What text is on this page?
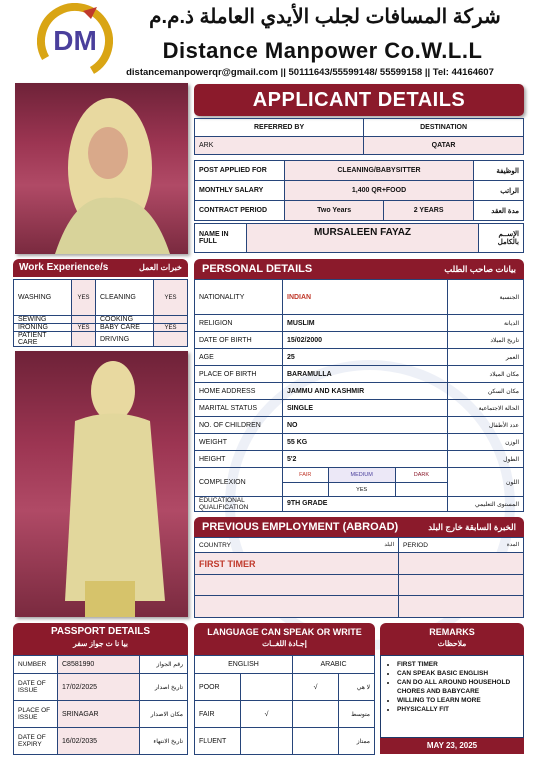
DM
شركة المسافات لجلب الأيدي العاملة ذ.م.م
Distance Manpower Co.W.L.L
distancemanpowerqr@gmail.com || 50111643/55599148/ 55599158 || Tel: 44164607
APPLICANT DETAILS
REFERRED BY	DESTINATION
ARK	QATAR
POST APPLIED FOR	CLEANING/BABYSITTER		الوظيفة
MONTHLY SALARY	1,400 QR+FOOD		الراتب
CONTRACT PERIOD	Two Years	2 YEARS	مدة العقد
NAME IN FULL	MURSALEEN FAYAZ	الإســم بالكامل
Work Experience/s	خبرات العمل
WASHING	YES	CLEANING	YES
SEWING		COOKING	
IRONING	YES	BABY CARE	YES
PATIENT CARE		DRIVING	
PERSONAL DETAILS	بيانات صاحب الطلب
NATIONALITY	INDIAN			الجنسية
RELIGION	MUSLIM			الديانة
DATE OF BIRTH	15/02/2000			تاريخ الميلاد
AGE	25			العمر
PLACE OF BIRTH	BARAMULLA			مكان الميلاد
HOME ADDRESS	JAMMU AND KASHMIR			مكان السكن
MARITAL STATUS	SINGLE			الحالة الاجتماعية
NO. OF CHILDREN	NO			عدد الأطفال
WEIGHT	55 KG			الوزن
HEIGHT	5'2			الطول
COMPLEXION	FAIR	MEDIUM	DARK	اللون
		YES		
EDUCATIONAL QUALIFICATION	9TH GRADE			المستوى التعليمي
PREVIOUS EMPLOYMENT (ABROAD)	الخبرة السابقة خارج البلد
COUNTRY البلد	PERIOD المدة

FIRST TIMER	

PASSPORT DETAILS
بيا نا ت جواز سفر
NUMBER	C8581990	رقم الجواز
DATE OF ISSUE	17/02/2025	تاريخ اصدار
PLACE OF ISSUE	SRINAGAR	مكان الاصدار
DATE OF EXPIRY	16/02/2035	تاريخ الانتهاء
LANGUAGE CAN SPEAK OR WRITE
إجـادة اللغــات
ENGLISH		ARABIC	
POOR		√	لا هي
FAIR	√		متوسط
FLUENT			ممتاز
REMARKS
ملاحظات
• FIRST TIMER
• CAN SPEAK BASIC ENGLISH
• CAN DO ALL AROUND HOUSEHOLD CHORES AND BABYCARE
• WILLING TO LEARN MORE
• PHYSICALLY FIT
MAY 23, 2025
